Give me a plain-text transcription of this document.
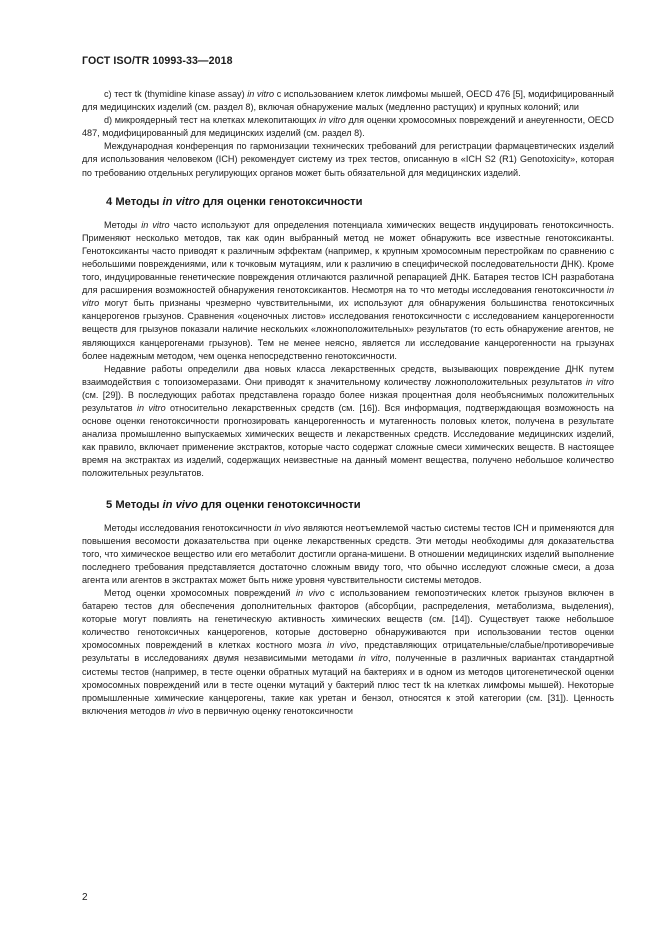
ГОСТ ISO/TR 10993-33—2018

с) тест tk (thymidine kinase assay) in vitro с использованием клеток лимфомы мышей, OECD 476 [5], модифицированный для медицинских изделий (см. раздел 8), включая обнаружение малых (медленно растущих) и крупных колоний; или

d) микроядерный тест на клетках млекопитающих in vitro для оценки хромосомных повреждений и анеугенности, OECD 487, модифицированный для медицинских изделий (см. раздел 8).

Международная конференция по гармонизации технических требований для регистрации фармацевтических изделий для использования человеком (ICH) рекомендует систему из трех тестов, описанную в «ICH S2 (R1) Genotoxicity», которая по требованию отдельных регулирующих органов может быть обязательной для медицинских изделий.

4 Методы in vitro для оценки генотоксичности

Методы in vitro часто используют для определения потенциала химических веществ индуцировать генотоксичность. Применяют несколько методов, так как один выбранный метод не может обнаружить все известные генотоксиканты. Генотоксиканты часто приводят к различным эффектам (например, к крупным хромосомным перестройкам по сравнению с небольшими повреждениями, или к точковым мутациям, или к различию в специфической последовательности ДНК). Кроме того, индуцированные генетические повреждения отличаются различной репарацией ДНК. Батарея тестов ICH разработана для расширения возможностей обнаружения генотоксикантов. Несмотря на то что методы исследования генотоксичности in vitro могут быть признаны чрезмерно чувствительными, их используют для обнаружения большинства генотоксичных канцерогенов грызунов. Сравнения «оценочных листов» исследования генотоксичности с исследованием канцерогенности веществ для грызунов показали наличие нескольких «ложноположительных» результатов (то есть обнаружение агентов, не являющихся канцерогенами грызунов). Тем не менее неясно, является ли исследование канцерогенности на грызунах более надежным методом, чем оценка непосредственно генотоксичности.

Недавние работы определили два новых класса лекарственных средств, вызывающих повреждение ДНК путем взаимодействия с топоизомеразами. Они приводят к значительному количеству ложноположительных результатов in vitro (см. [29]). В последующих работах представлена гораздо более низкая процентная доля необъяснимых положительных результатов in vitro относительно лекарственных средств (см. [16]). Вся информация, подтверждающая возможность на основе оценки генотоксичности прогнозировать канцерогенность и мутагенность половых клеток, получена в результате анализа промышленно выпускаемых химических веществ и лекарственных средств. Исследование медицинских изделий, как правило, включает применение экстрактов, которые часто содержат сложные смеси химических веществ. В настоящее время на экстрактах из изделий, содержащих неизвестные на данный момент вещества, получено небольшое количество положительных результатов.

5 Методы in vivo для оценки генотоксичности

Методы исследования генотоксичности in vivo являются неотъемлемой частью системы тестов ICH и применяются для повышения весомости доказательства при оценке лекарственных средств. Эти методы необходимы для доказательства того, что химическое вещество или его метаболит достигли органа-мишени. В отношении медицинских изделий выполнение последнего требования представляется достаточно сложным ввиду того, что обычно исследуют сложные смеси, а доза агента или агентов в экстрактах может быть ниже уровня чувствительности системы методов.

Метод оценки хромосомных повреждений in vivo с использованием гемопоэтических клеток грызунов включен в батарею тестов для обеспечения дополнительных факторов (абсорбции, распределения, метаболизма, выделения), которые могут повлиять на генетическую активность химических веществ (см. [14]). Существует также небольшое количество генотоксичных канцерогенов, которые достоверно обнаруживаются при использовании тестов оценки хромосомных повреждений в клетках костного мозга in vivo, представляющих отрицательные/слабые/противоречивые результаты в исследованиях двумя независимыми методами in vitro, полученные в различных вариантах стандартной системы тестов (например, в тесте оценки обратных мутаций на бактериях и в одном из методов цитогенетической оценки хромосомных повреждений или в тесте оценки мутаций у бактерий плюс тест tk на клетках лимфомы мышей). Некоторые промышленные химические канцерогены, такие как уретан и бензол, относятся к этой категории (см. [31]). Ценность включения методов in vivo в первичную оценку генотоксичности

2
